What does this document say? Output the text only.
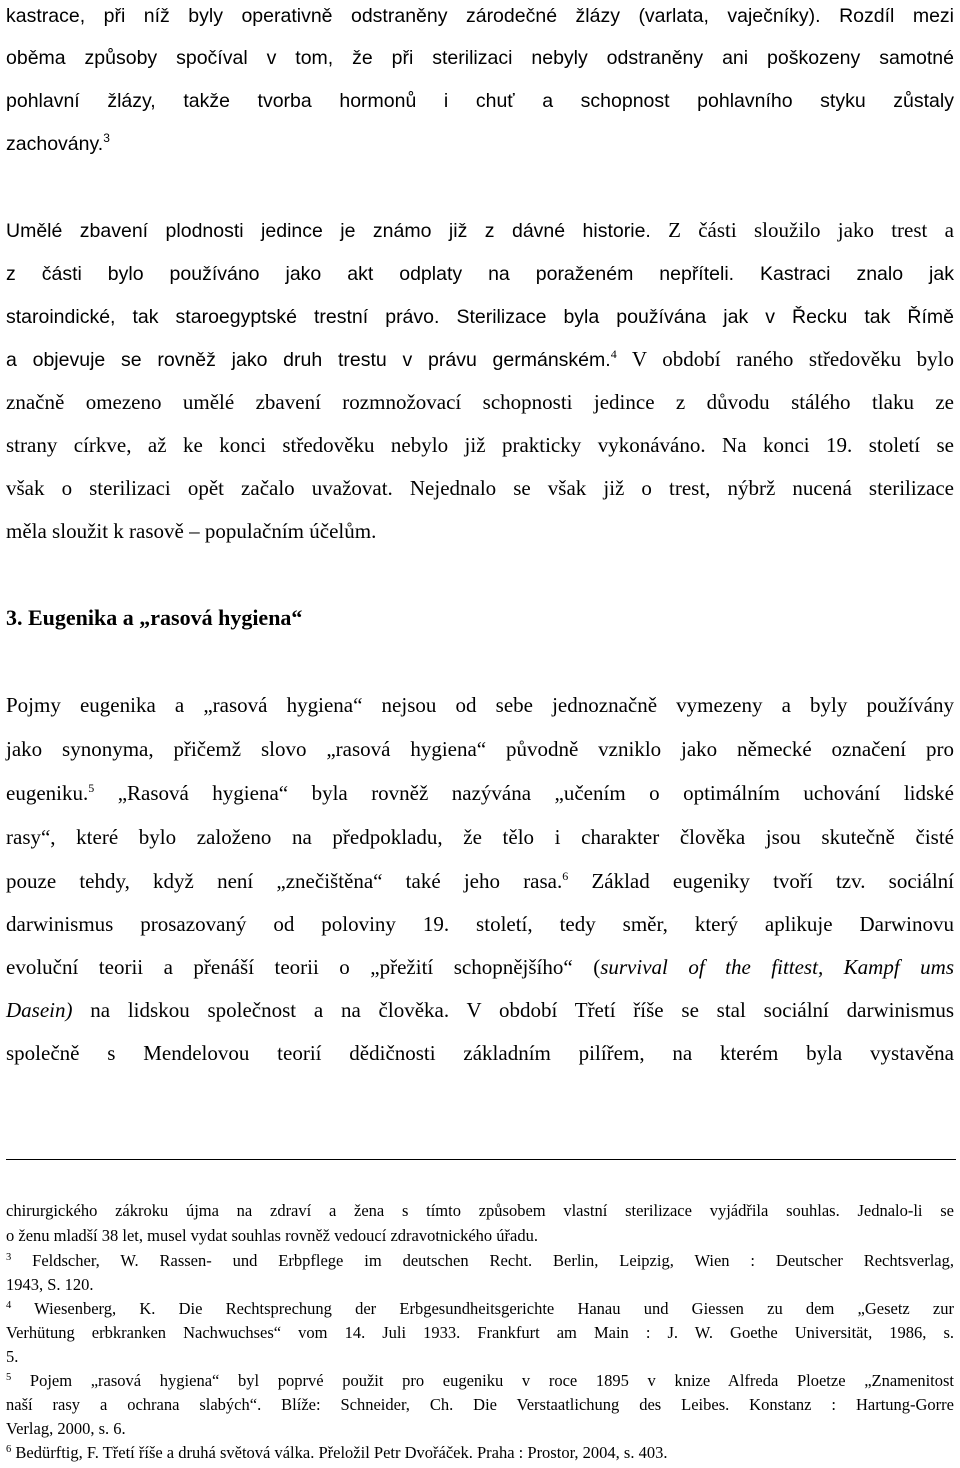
kastrace, při níž byly operativně odstraněny zárodečné žlázy (varlata, vaječníky). Rozdíl mezi
oběma způsoby spočíval v tom, že při sterilizaci nebyly odstraněny ani poškozeny samotné
pohlavní žlázy, takže tvorba hormonů i chuť a schopnost pohlavního styku zůstaly
zachovány.$^3$
Umělé zbavení plodnosti jedince je známo již z dávné historie. Z části sloužilo jako trest a
z části bylo používáno jako akt odplaty na poraženém nepříteli. Kastraci znalo jak
staroindické, tak staroegyptské trestní právo. Sterilizace byla používána jak v Řecku tak Římě
a objevuje se rovněž jako druh trestu v právu germánském.$^4$ V období raného středověku bylo
značně omezeno umělé zbavení rozmnožovací schopnosti jedince z důvodu stálého tlaku ze
strany církve, až ke konci středověku nebylo již prakticky vykonáváno. Na konci 19. století se
však o sterilizaci opět začalo uvažovat. Nejednalo se však již o trest, nýbrž nucená sterilizace
měla sloužit k rasově – populačním účelům.
3. Eugenika a „rasová hygiena“
Pojmy eugenika a „rasová hygiena“ nejsou od sebe jednoznačně vymezeny a byly používány
jako synonyma, přičemž slovo „rasová hygiena“ původně vzniklo jako německé označení pro
eugeniku.$^5$ „Rasová hygiena“ byla rovněž nazývána „učením o optimálním uchování lidské
rasy“, které bylo založeno na předpokladu, že tělo i charakter člověka jsou skutečně čisté
pouze tehdy, když není „znečištěna“ také jeho rasa.$^6$ Základ eugeniky tvoří tzv. sociální
darwinismus prosazovaný od poloviny 19. století, tedy směr, který aplikuje Darwinovu
evoluční teorii a přenáší teorii o „přežití schopnějšího“ (survival of the fittest, Kampf ums
Dasein) na lidskou společnost a na člověka. V období Třetí říše se stal sociální darwinismus
společně s Mendelovou teorií dědičnosti základním pilířem, na kterém byla vystavěna
chirurgického zákroku újma na zdraví a žena s tímto způsobem vlastní sterilizace vyjádřila souhlas. Jednalo-li se
o ženu mladší 38 let, musel vydat souhlas rovněž vedoucí zdravotnického úřadu.
$^3$ Feldscher, W. Rassen- und Erbpflege im deutschen Recht. Berlin, Leipzig, Wien : Deutscher Rechtsverlag,
1943, S. 120.
$^4$ Wiesenberg, K. Die Rechtsprechung der Erbgesundheitsgerichte Hanau und Giessen zu dem „Gesetz zur
Verhütung erbkranken Nachwuchses“ vom 14. Juli 1933. Frankfurt am Main : J. W. Goethe Universität, 1986, s.
5.
$^5$ Pojem „rasová hygiena“ byl poprvé použit pro eugeniku v roce 1895 v knize Alfreda Ploetze „Znamenitost
naší rasy a ochrana slabých“. Blíže: Schneider, Ch. Die Verstaatlichung des Leibes. Konstanz : Hartung-Gorre
Verlag, 2000, s. 6.
$^6$ Bedürftig, F. Třetí říše a druhá světová válka. Přeložil Petr Dvořáček. Praha : Prostor, 2004, s. 403.
